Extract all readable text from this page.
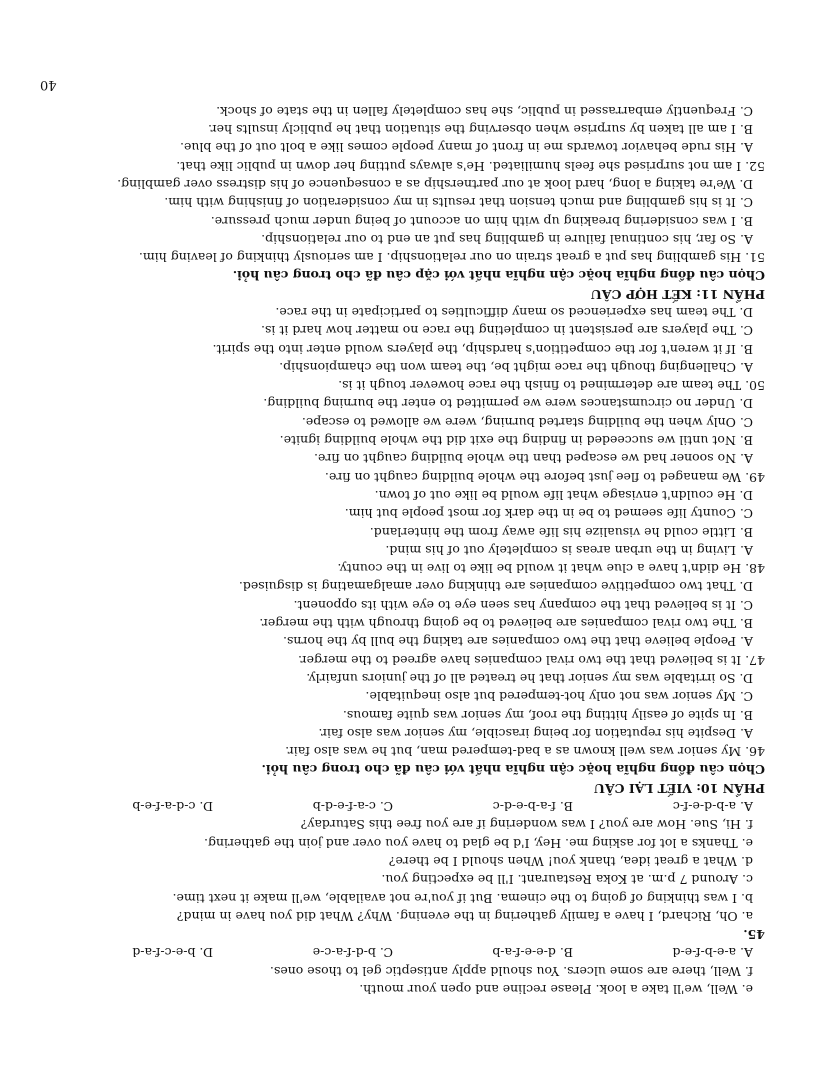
e. Well, we'll take a look. Please recline and open your mouth.
f. Well, there are some ulcers. You should apply antiseptic gel to those ones.
A. a-e-b-f-e-d
B. d-e-e-f-a-b
C. b-d-f-a-c-e
D. b-e-c-f-a-d
45.
a. Oh, Richard, I have a family gathering in the evening. Why? What did you have in mind?
b. I was thinking of going to the cinema. But if you're not available, we'll make it next time.
c. Around 7 p.m. at Koka Restaurant. I'll be expecting you.
d. What a great idea, thank you! When should I be there?
e. Thanks a lot for asking me. Hey, I'd be glad to have you over and join the gathering.
f. Hi, Sue. How are you? I was wondering if are you free this Saturday?
A. a-b-d-e-f-c
B. f-a-b-e-d-c
C. c-a-f-e-d-b
D. c-d-a-f-e-b
PHẦN 10: VIẾT LẠI CÂU
Chọn câu đồng nghĩa hoặc cận nghĩa nhất với câu đã cho trong câu hỏi.
46. My senior was well known as a bad-tempered man, but he was also fair.
A. Despite his reputation for being irascible, my senior was also fair.
B. In spite of easily hitting the roof, my senior was quite famous.
C. My senior was not only hot-tempered but also inequitable.
D. So irritable was my senior that he treated all of the juniors unfairly.
47. It is believed that the two rival companies have agreed to the merger.
A. People believe that the two companies are taking the bull by the horns.
B. The two rival companies are believed to be going through with the merger.
C. It is believed that the company has seen eye to eye with its opponent.
D. That two competitive companies are thinking over amalgamating is disguised.
48. He didn't have a clue what it would be like to live in the county.
A. Living in the urban areas is completely out of his mind.
B. Little could he visualize his life away from the hinterland.
C. County life seemed to be in the dark for most people but him.
D. He couldn't envisage what life would be like out of town.
49. We managed to flee just before the whole building caught on fire.
A. No sooner had we escaped than the whole building caught on fire.
B. Not until we succeeded in finding the exit did the whole building ignite.
C. Only when the building started burning, were we allowed to escape.
D. Under no circumstances were we permitted to enter the burning building.
50. The team are determined to finish the race however tough it is.
A. Challenging though the race might be, the team won the championship.
B. If it weren't for the competition's hardship, the players would enter into the spirit.
C. The players are persistent in completing the race no matter how hard it is.
D. The team has experienced so many difficulties to participate in the race.
PHẦN 11: KẾT HỢP CÂU
Chọn câu đồng nghĩa hoặc cận nghĩa nhất với cặp câu đã cho trong câu hỏi.
51. His gambling has put a great strain on our relationship. I am seriously thinking of leaving him.
A. So far, his continual failure in gambling has put an end to our relationship.
B. I was considering breaking up with him on account of being under much pressure.
C. It is his gambling and much tension that results in my consideration of finishing with him.
D. We're taking a long, hard look at our partnership as a consequence of his distress over gambling.
52. I am not surprised she feels humiliated. He's always putting her down in public like that.
A. His rude behavior towards me in front of many people comes like a bolt out of the blue.
B. I am all taken by surprise when observing the situation that he publicly insults her.
C. Frequently embarrassed in public, she has completely fallen in the state of shock.
40
